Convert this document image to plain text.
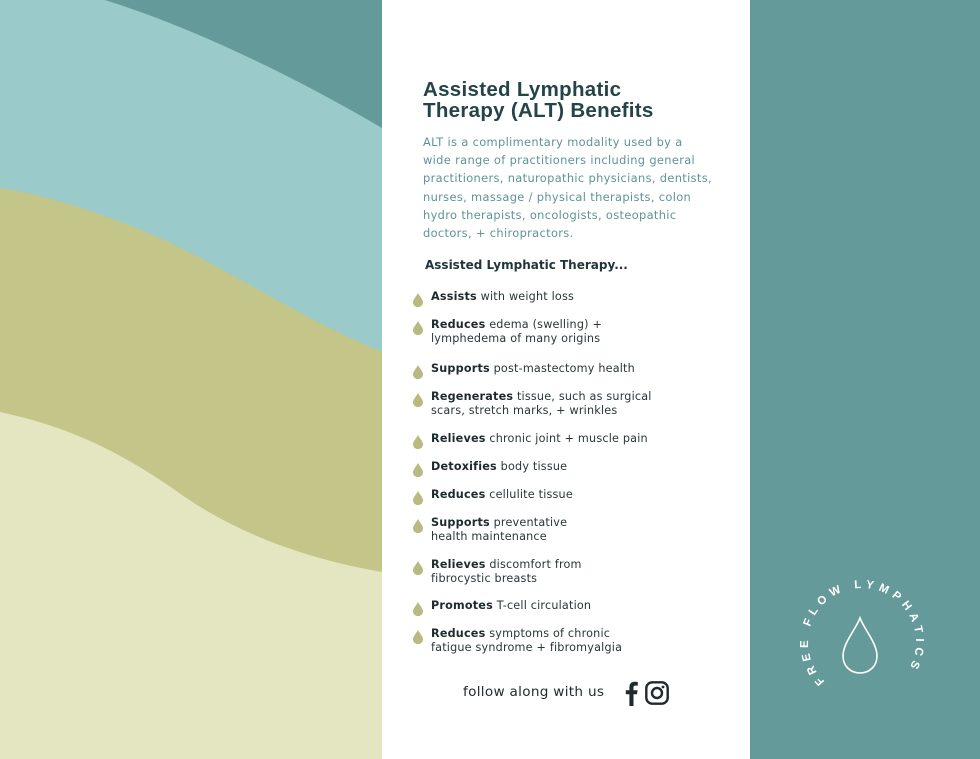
Assisted Lymphatic
Therapy (ALT) Benefits

ALT is a complimentary modality used by a
wide range of practitioners including general
practitioners, naturopathic physicians, dentists,
nurses, massage / physical therapists, colon
hydro therapists, oncologists, osteopathic
doctors, + chiropractors.

Assisted Lymphatic Therapy...
Assists with weight loss
Reduces edema (swelling) +
lymphedema of many origins
Supports post-mastectomy health
Regenerates tissue, such as surgical
scars, stretch marks, + wrinkles
Relieves chronic joint + muscle pain
Detoxifies body tissue
Reduces cellulite tissue
Supports preventative
health maintenance
Relieves discomfort from
fibrocystic breasts
Promotes T-cell circulation
Reduces symptoms of chronic
fatigue syndrome + fibromyalgia
follow along with us
FREE FLOW LYMPHATICS
